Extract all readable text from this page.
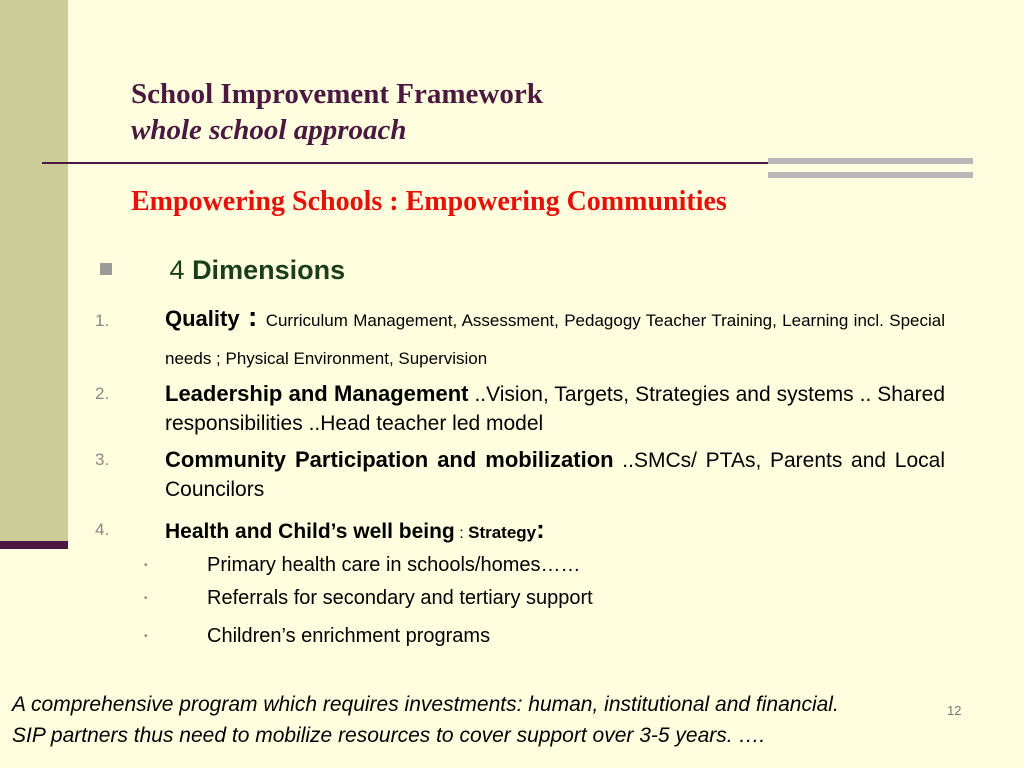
School Improvement Framework
whole school approach
Empowering Schools : Empowering Communities
4 Dimensions
1.	Quality : Curriculum Management, Assessment, Pedagogy Teacher Training, Learning incl. Special needs ; Physical Environment, Supervision
2.	Leadership and Management ..Vision, Targets, Strategies and systems .. Shared responsibilities ..Head teacher led model
3.	Community Participation and mobilization ..SMCs/ PTAs, Parents and Local Councilors
4.	Health and Child’s well being : Strategy:
•	Primary health care in schools/homes……
•	Referrals for secondary and tertiary support
•	Children’s enrichment programs
A comprehensive program which requires investments: human, institutional and financial.
SIP partners thus need to mobilize resources to cover support over 3-5 years. ….
12
